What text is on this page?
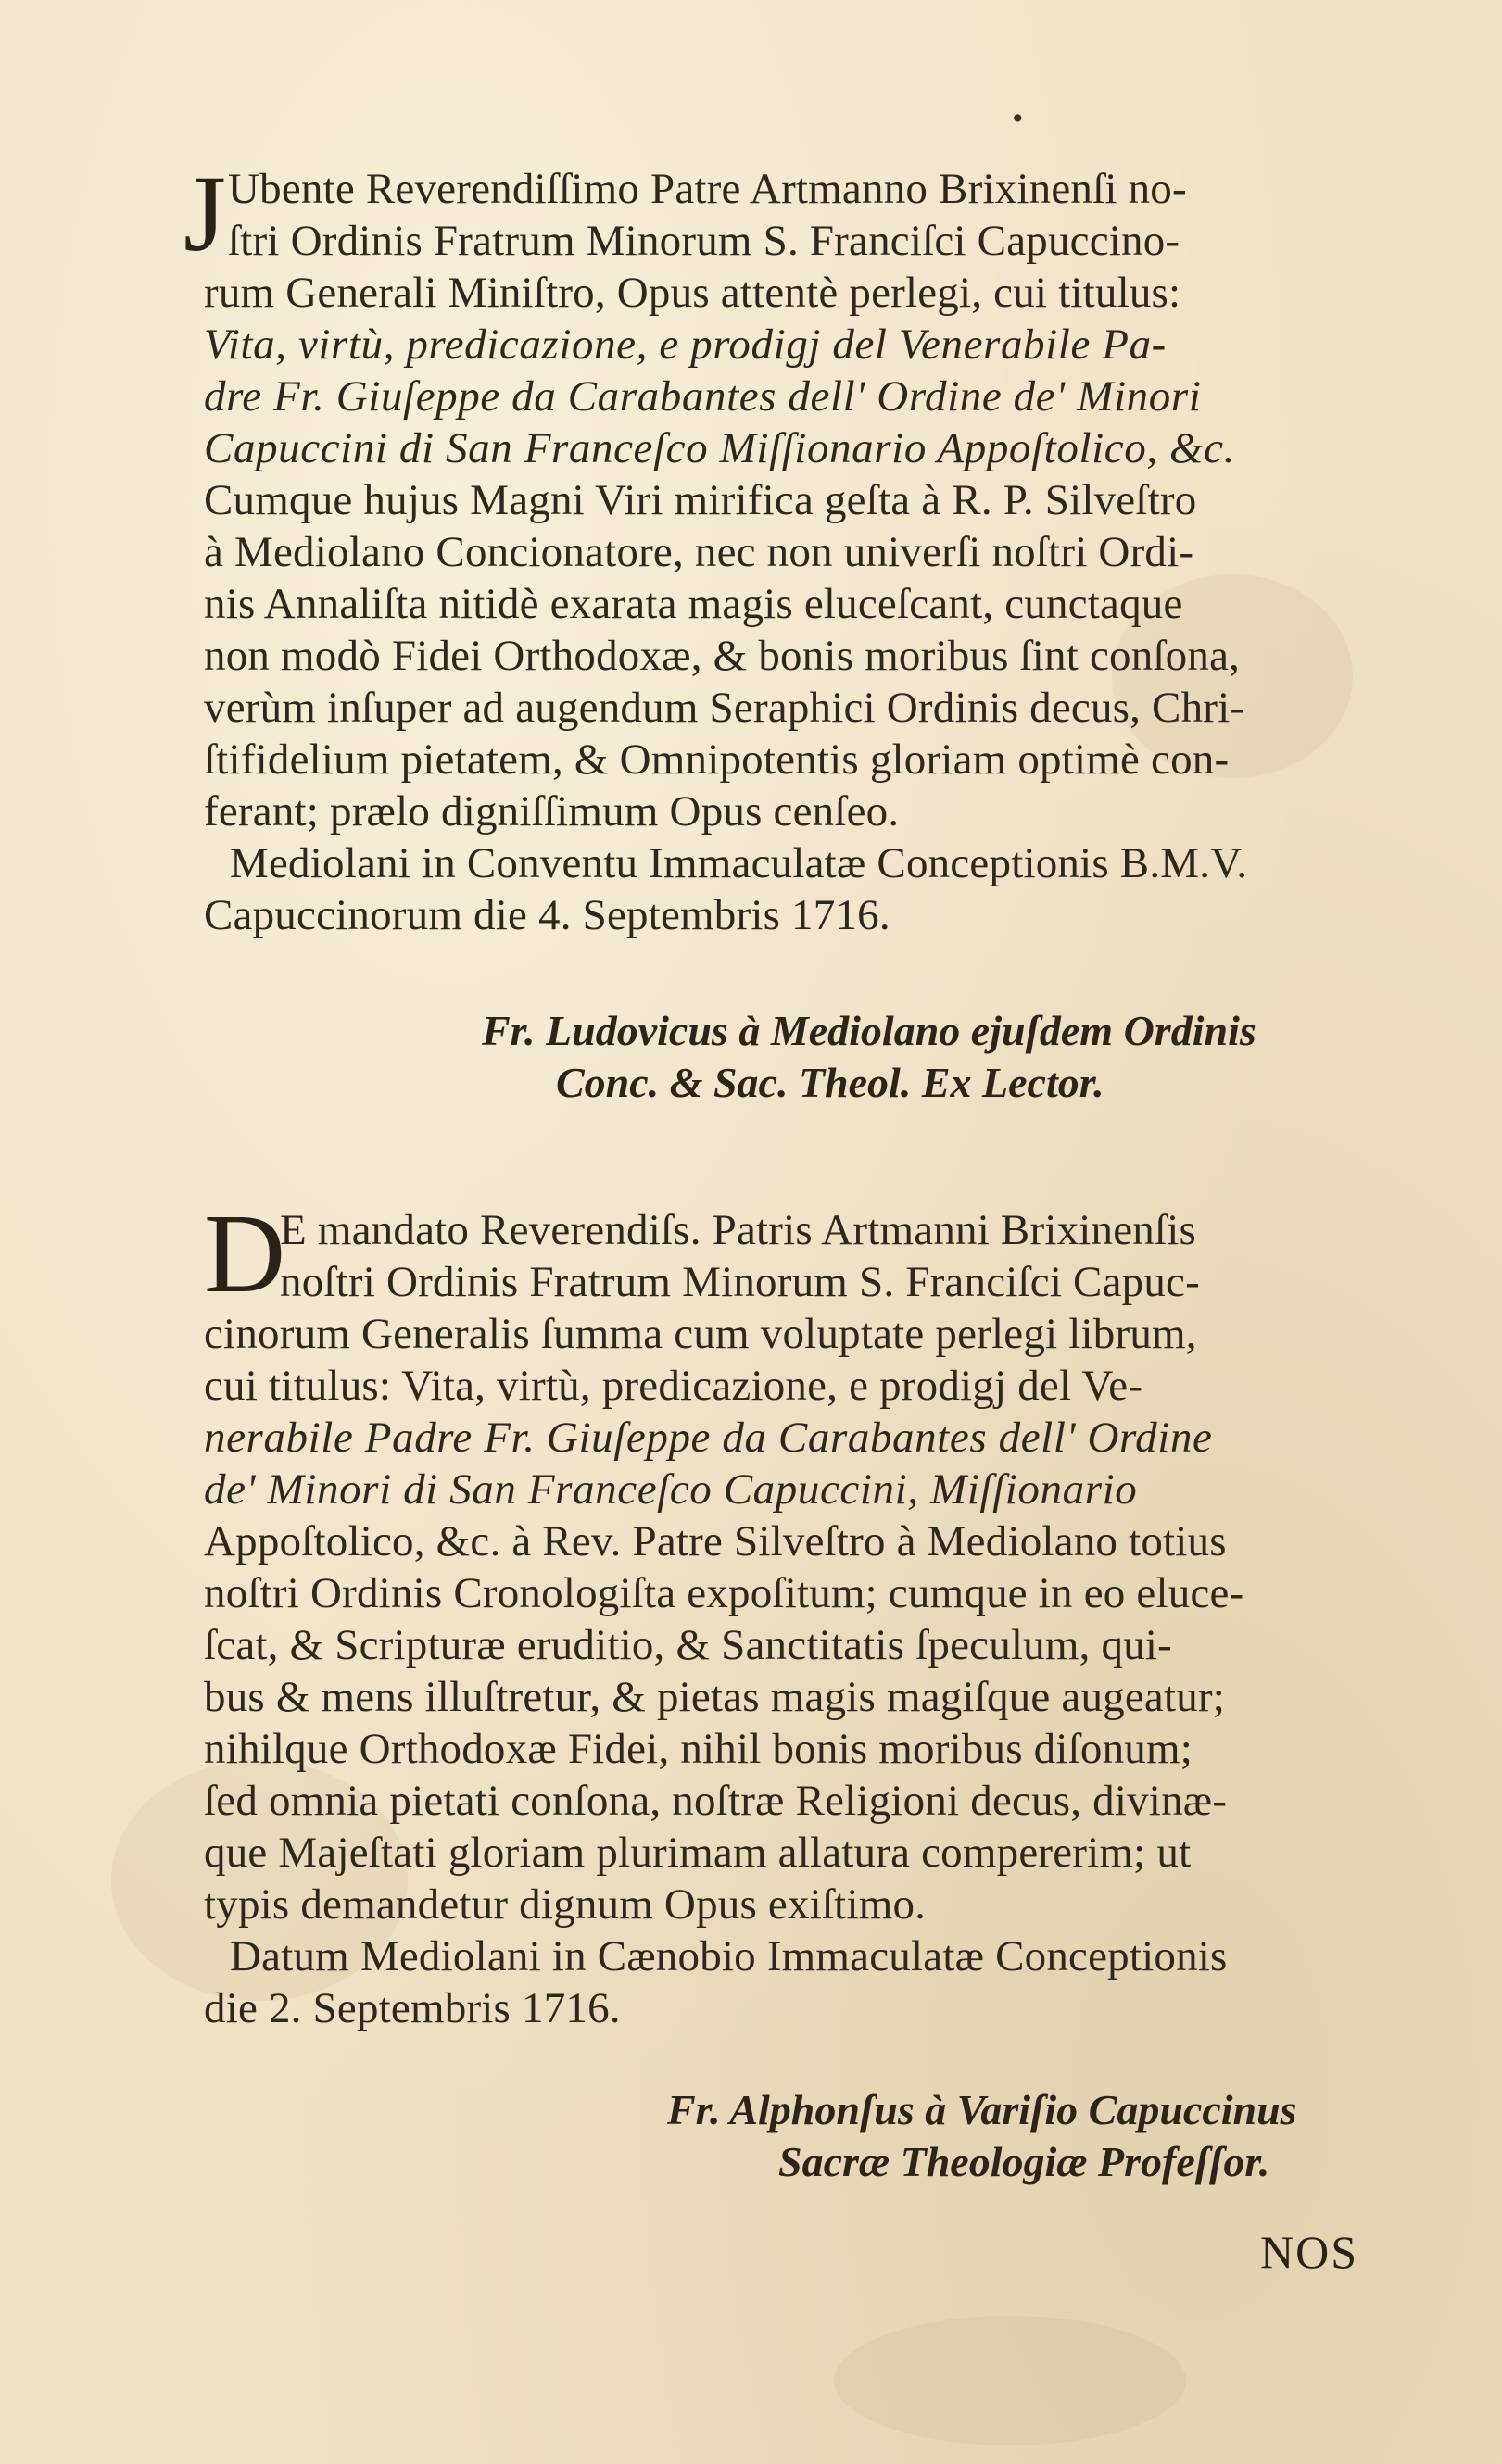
•
J Ubente Reverendiſſimo Patre Artmanno Brixinenſi no-
ſtri Ordinis Fratrum Minorum S. Franciſci Capuccino-
rum Generali Miniſtro, Opus attentè perlegi, cui titulus:
Vita, virtù, predicazione, e prodigj del Venerabile Pa-
dre Fr. Giuſeppe da Carabantes dell' Ordine de' Minori
Capuccini di San Franceſco Miſſionario Appoſtolico, &c.
Cumque hujus Magni Viri mirifica geſta à R. P. Silveſtro
à Mediolano Concionatore, nec non univerſi noſtri Ordi-
nis Annaliſta nitidè exarata magis eluceſcant, cunctaque
non modò Fidei Orthodoxæ, & bonis moribus ſint conſona,
verùm inſuper ad augendum Seraphici Ordinis decus, Chri-
ſtifidelium pietatem, & Omnipotentis gloriam optimè con-
ferant; prælo digniſſimum Opus cenſeo.
Mediolani in Conventu Immaculatæ Conceptionis B.M.V.
Capuccinorum die 4. Septembris 1716.
Fr. Ludovicus à Mediolano ejuſdem Ordinis
Conc. & Sac. Theol. Ex Lector.
D
E mandato Reverendiſs. Patris Artmanni Brixinenſis
noſtri Ordinis Fratrum Minorum S. Franciſci Capuc-
cinorum Generalis ſumma cum voluptate perlegi librum,
cui titulus: Vita, virtù, predicazione, e prodigj del Ve-
nerabile Padre Fr. Giuſeppe da Carabantes dell' Ordine
de' Minori di San Franceſco Capuccini, Miſſionario
Appoſtolico, &c. à Rev. Patre Silveſtro à Mediolano totius
noſtri Ordinis Cronologiſta expoſitum; cumque in eo eluce-
ſcat, & Scripturæ eruditio, & Sanctitatis ſpeculum, qui-
bus & mens illuſtretur, & pietas magis magiſque augeatur;
nihilque Orthodoxæ Fidei, nihil bonis moribus diſonum;
ſed omnia pietati conſona, noſtræ Religioni decus, divinæ-
que Majeſtati gloriam plurimam allatura compererim; ut
typis demandetur dignum Opus exiſtimo.
Datum Mediolani in Cænobio Immaculatæ Conceptionis
die 2. Septembris 1716.
Fr. Alphonſus à Variſio Capuccinus
Sacræ Theologiæ Profeſſor.
NOS
